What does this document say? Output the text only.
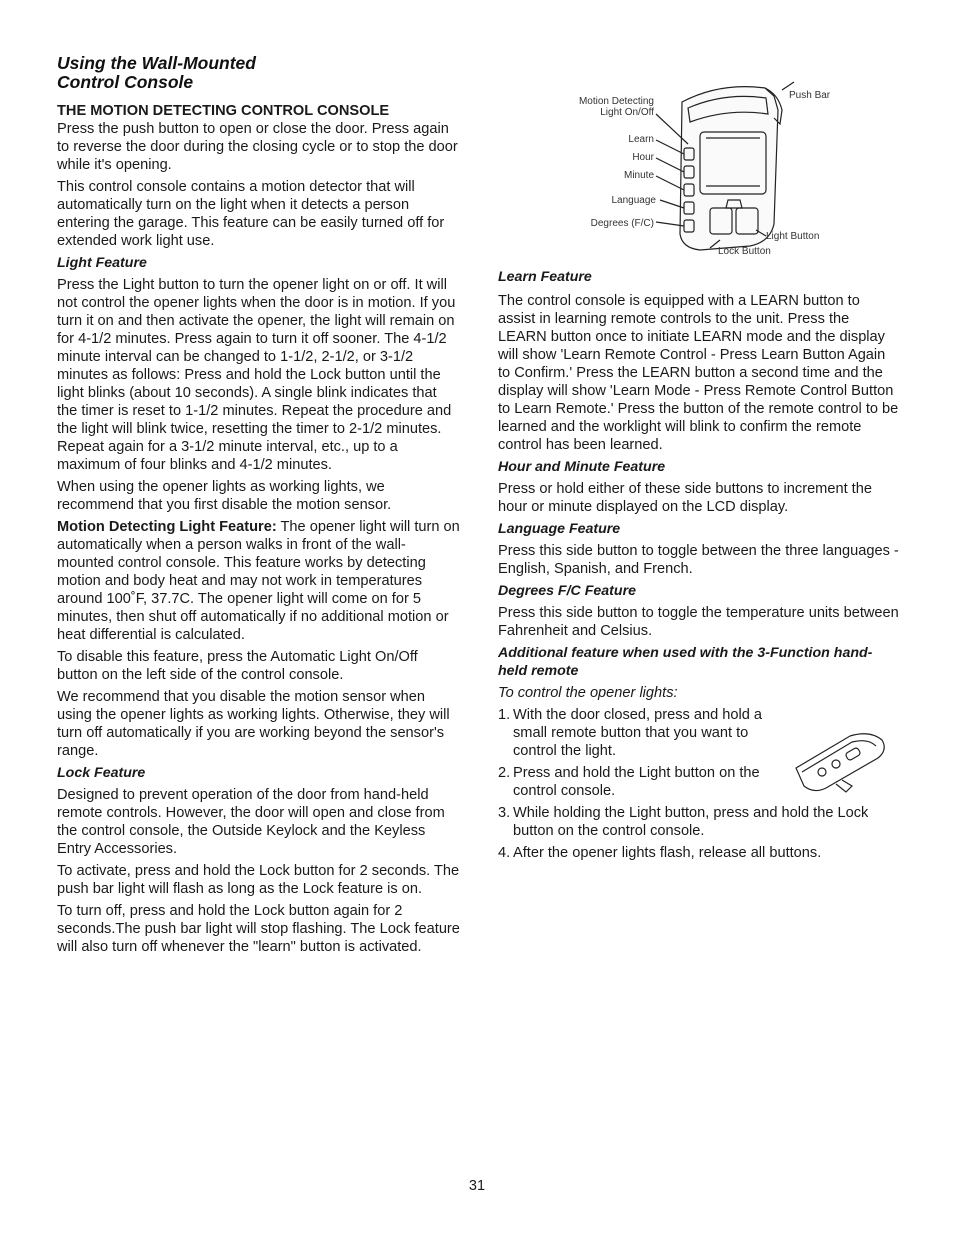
Using the Wall-Mounted
Control Console
THE MOTION DETECTING CONTROL CONSOLE

Press the push button to open or close the door. Press again to reverse the door during the closing cycle or to stop the door while it's opening.

This control console contains a motion detector that will automatically turn on the light when it detects a person entering the garage. This feature can be easily turned off for extended work light use.

Light Feature

Press the Light button to turn the opener light on or off. It will not control the opener lights when the door is in motion. If you turn it on and then activate the opener, the light will remain on for 4-1/2 minutes. Press again to turn it off sooner. The 4-1/2 minute interval can be changed to 1-1/2, 2-1/2, or 3-1/2 minutes as follows: Press and hold the Lock button until the light blinks (about 10 seconds). A single blink indicates that the timer is reset to 1-1/2 minutes. Repeat the procedure and the light will blink twice, resetting the timer to 2-1/2 minutes. Repeat again for a 3-1/2 minute interval, etc., up to a maximum of four blinks and 4-1/2 minutes.

When using the opener lights as working lights, we recommend that you first disable the motion sensor.

Motion Detecting Light Feature: The opener light will turn on automatically when a person walks in front of the wall-mounted control console. This feature works by detecting motion and body heat and may not work in temperatures around 100˚F, 37.7C. The opener light will come on for 5 minutes, then shut off automatically if no additional motion or heat differential is calculated.

To disable this feature, press the Automatic Light On/Off button on the left side of the control console.

We recommend that you disable the motion sensor when using the opener lights as working lights. Otherwise, they will turn off automatically if you are working beyond the sensor's range.

Lock Feature

Designed to prevent operation of the door from hand-held remote controls. However, the door will open and close from the control console, the Outside Keylock and the Keyless Entry Accessories.

To activate, press and hold the Lock button for 2 seconds. The push bar light will flash as long as the Lock feature is on.

To turn off, press and hold the Lock button again for 2 seconds.The push bar light will stop flashing. The Lock feature will also turn off whenever the "learn" button is activated.

Motion Detecting
Light On/Off
Learn
Hour
Minute
Language
Degrees (F/C)
Push Bar
Light Button
Lock Button
Learn Feature

The control console is equipped with a LEARN button to assist in learning remote controls to the unit. Press the LEARN button once to initiate LEARN mode and the display will show 'Learn Remote Control - Press Learn Button Again to Confirm.' Press the LEARN button a second time and the display will show 'Learn Mode - Press Remote Control Button to Learn Remote.' Press the button of the remote control to be learned and the worklight will blink to confirm the remote control has been learned.

Hour and Minute Feature

Press or hold either of these side buttons to increment the hour or minute displayed on the LCD display.

Language Feature

Press this side button to toggle between the three languages - English, Spanish, and French.

Degrees F/C Feature

Press this side button to toggle the temperature units between Fahrenheit and Celsius.

Additional feature when used with the 3-Function hand-held remote

To control the opener lights:

1. With the door closed, press and hold a small remote button that you want to control the light.
2. Press and hold the Light button on the control console.
3. While holding the Light button, press and hold the Lock button on the control console.
4. After the opener lights flash, release all buttons.
31
